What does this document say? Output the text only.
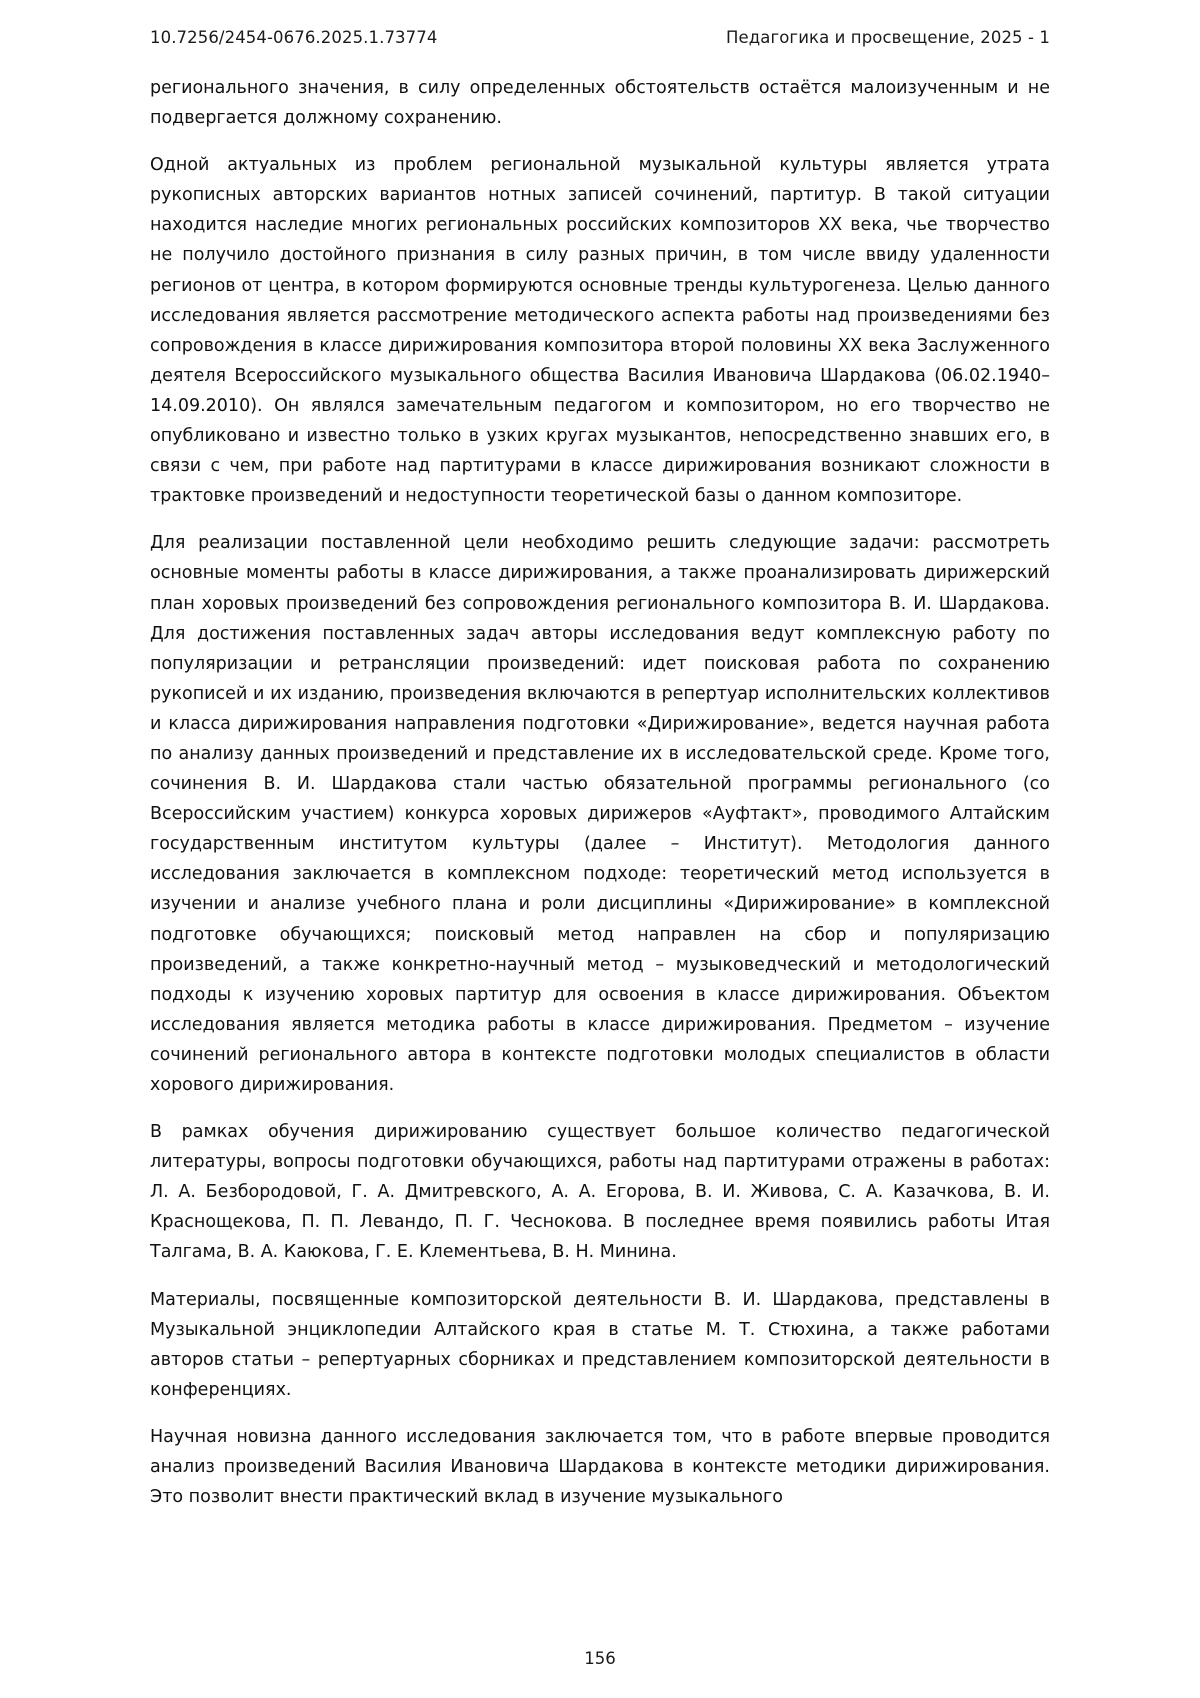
10.7256/2454-0676.2025.1.73774	Педагогика и просвещение, 2025 - 1

регионального значения, в силу определенных обстоятельств остаётся малоизученным и не подвергается должному сохранению.

Одной актуальных из проблем региональной музыкальной культуры является утрата рукописных авторских вариантов нотных записей сочинений, партитур. В такой ситуации находится наследие многих региональных российских композиторов XX века, чье творчество не получило достойного признания в силу разных причин, в том числе ввиду удаленности регионов от центра, в котором формируются основные тренды культурогенеза. Целью данного исследования является рассмотрение методического аспекта работы над произведениями без сопровождения в классе дирижирования композитора второй половины XX века Заслуженного деятеля Всероссийского музыкального общества Василия Ивановича Шардакова (06.02.1940–14.09.2010). Он являлся замечательным педагогом и композитором, но его творчество не опубликовано и известно только в узких кругах музыкантов, непосредственно знавших его, в связи с чем, при работе над партитурами в классе дирижирования возникают сложности в трактовке произведений и недоступности теоретической базы о данном композиторе.

Для реализации поставленной цели необходимо решить следующие задачи: рассмотреть основные моменты работы в классе дирижирования, а также проанализировать дирижерский план хоровых произведений без сопровождения регионального композитора В. И. Шардакова. Для достижения поставленных задач авторы исследования ведут комплексную работу по популяризации и ретрансляции произведений: идет поисковая работа по сохранению рукописей и их изданию, произведения включаются в репертуар исполнительских коллективов и класса дирижирования направления подготовки «Дирижирование», ведется научная работа по анализу данных произведений и представление их в исследовательской среде. Кроме того, сочинения В. И. Шардакова стали частью обязательной программы регионального (со Всероссийским участием) конкурса хоровых дирижеров «Ауфтакт», проводимого Алтайским государственным институтом культуры (далее – Институт). Методология данного исследования заключается в комплексном подходе: теоретический метод используется в изучении и анализе учебного плана и роли дисциплины «Дирижирование» в комплексной подготовке обучающихся; поисковый метод направлен на сбор и популяризацию произведений, а также конкретно-научный метод – музыковедческий и методологический подходы к изучению хоровых партитур для освоения в классе дирижирования. Объектом исследования является методика работы в классе дирижирования. Предметом – изучение сочинений регионального автора в контексте подготовки молодых специалистов в области хорового дирижирования.

В рамках обучения дирижированию существует большое количество педагогической литературы, вопросы подготовки обучающихся, работы над партитурами отражены в работах: Л. А. Безбородовой, Г. А. Дмитревского, А. А. Егорова, В. И. Живова, С. А. Казачкова, В. И. Краснощекова, П. П. Левандо, П. Г. Чеснокова. В последнее время появились работы Итая Талгама, В. А. Каюкова, Г. Е. Клементьева, В. Н. Минина.

Материалы, посвященные композиторской деятельности В. И. Шардакова, представлены в Музыкальной энциклопедии Алтайского края в статье М. Т. Стюхина, а также работами авторов статьи – репертуарных сборниках и представлением композиторской деятельности в конференциях.

Научная новизна данного исследования заключается том, что в работе впервые проводится анализ произведений Василия Ивановича Шардакова в контексте методики дирижирования. Это позволит внести практический вклад в изучение музыкального

156
